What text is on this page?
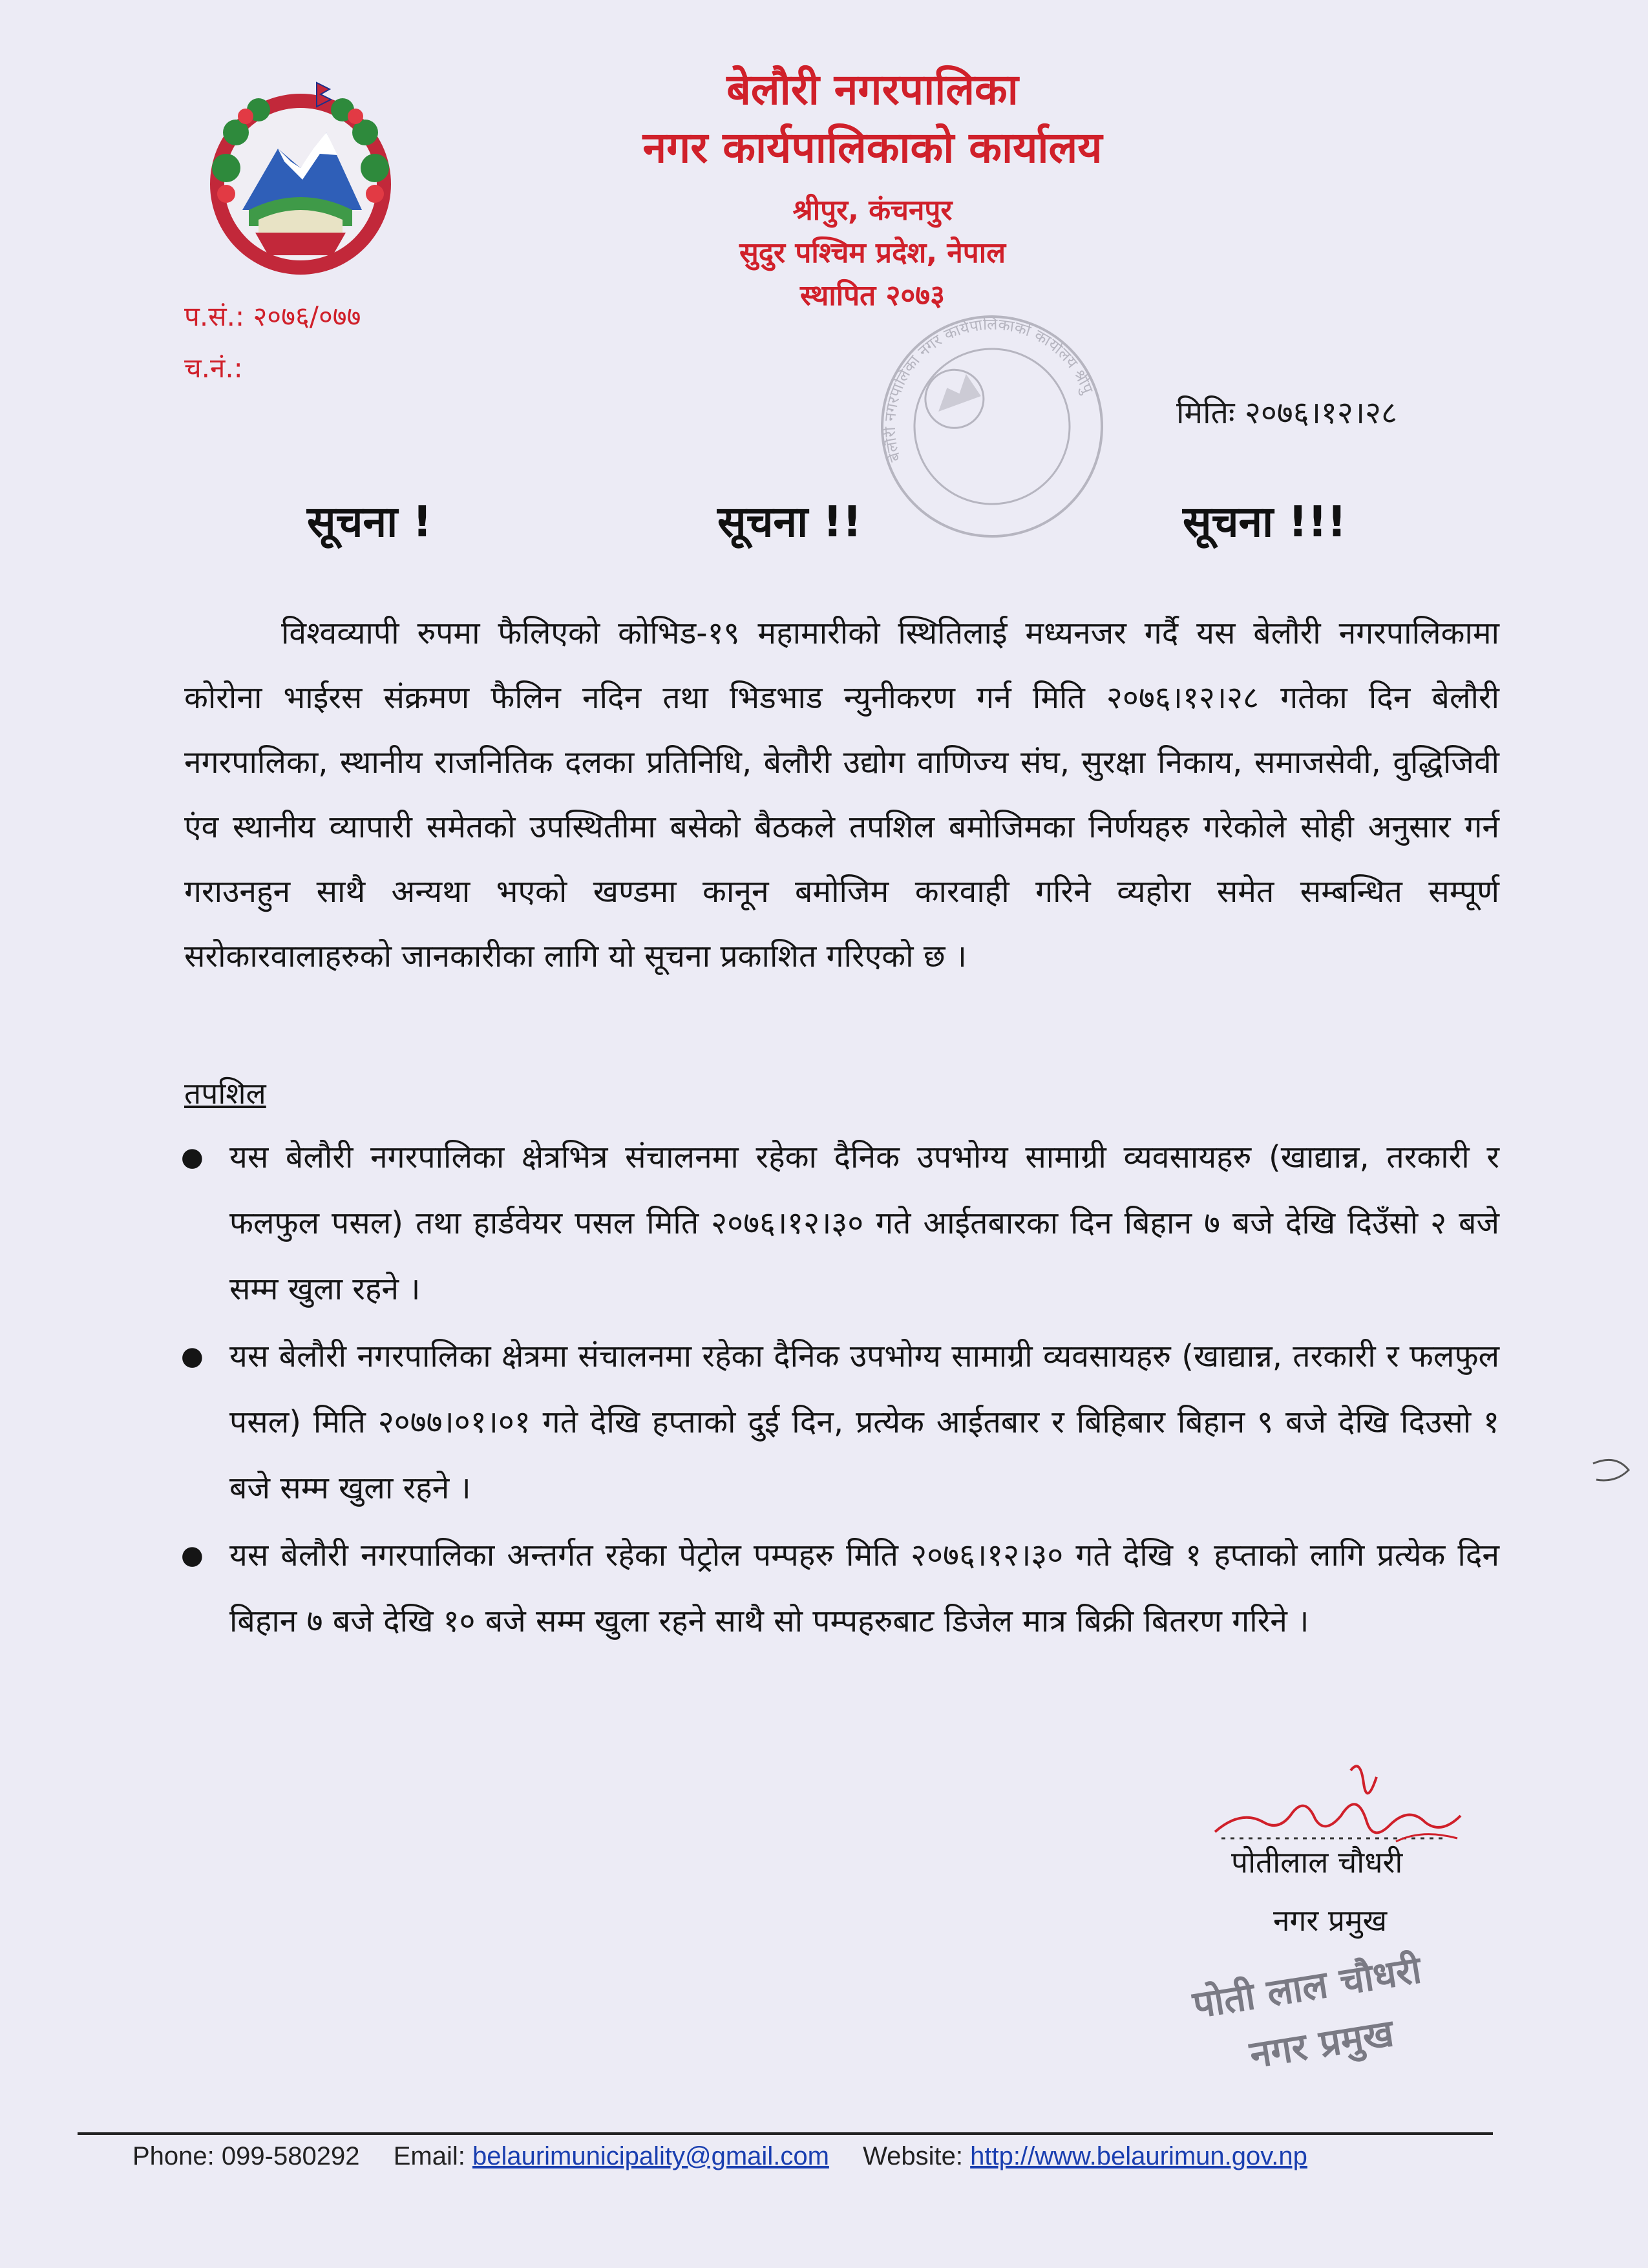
बेलौरी नगरपालिका
नगर कार्यपालिकाको कार्यालय
श्रीपुर, कंचनपुर
सुदुर पश्चिम प्रदेश, नेपाल
स्थापित २०७३
प.सं.: २०७६/०७७
च.नं.:
बेलौरी नगरपालिका नगर कार्यपालिकाको कार्यालय श्रीपुर,
मितिः २०७६।१२।२८
सूचना !	सूचना !!	सूचना !!!

विश्वव्यापी रुपमा फैलिएको कोभिड-१९ महामारीको स्थितिलाई मध्यनजर गर्दै यस बेलौरी नगरपालिकामा कोरोना भाईरस संक्रमण फैलिन नदिन तथा भिडभाड न्युनीकरण गर्न मिति २०७६।१२।२८ गतेका दिन बेलौरी नगरपालिका, स्थानीय राजनितिक दलका प्रतिनिधि, बेलौरी उद्योग वाणिज्य संघ, सुरक्षा निकाय, समाजसेवी, वुद्धिजिवी एंव स्थानीय व्यापारी समेतको उपस्थितीमा बसेको बैठकले तपशिल बमोजिमका निर्णयहरु गरेकोले सोही अनुसार गर्न गराउनहुन साथै अन्यथा भएको खण्डमा कानून बमोजिम कारवाही गरिने व्यहोरा समेत सम्बन्धित सम्पूर्ण सरोकारवालाहरुको जानकारीका लागि यो सूचना प्रकाशित गरिएको छ ।

तपशिल
● यस बेलौरी नगरपालिका क्षेत्रभित्र संचालनमा रहेका दैनिक उपभोग्य सामाग्री व्यवसायहरु (खाद्यान्न, तरकारी र फलफुल पसल) तथा हार्डवेयर पसल मिति २०७६।१२।३० गते आईतबारका दिन बिहान ७ बजे देखि दिउँसो २ बजे सम्म खुला रहने ।
● यस बेलौरी नगरपालिका क्षेत्रमा संचालनमा रहेका दैनिक उपभोग्य सामाग्री व्यवसायहरु (खाद्यान्न, तरकारी र फलफुल पसल) मिति २०७७।०१।०१ गते देखि हप्ताको दुई दिन, प्रत्येक आईतबार र बिहिबार बिहान ९ बजे देखि दिउसो १ बजे सम्म खुला रहने ।
● यस बेलौरी नगरपालिका अन्तर्गत रहेका पेट्रोल पम्पहरु मिति २०७६।१२।३० गते देखि १ हप्ताको लागि प्रत्येक दिन बिहान ७ बजे देखि १० बजे सम्म खुला रहने साथै सो पम्पहरुबाट डिजेल मात्र बिक्री बितरण गरिने ।
पोतीलाल चौधरी
नगर प्रमुख
पोती लाल चौधरी
नगर प्रमुख
Phone: 099-580292 Email: belaurimunicipality@gmail.com Website: http://www.belaurimun.gov.np
